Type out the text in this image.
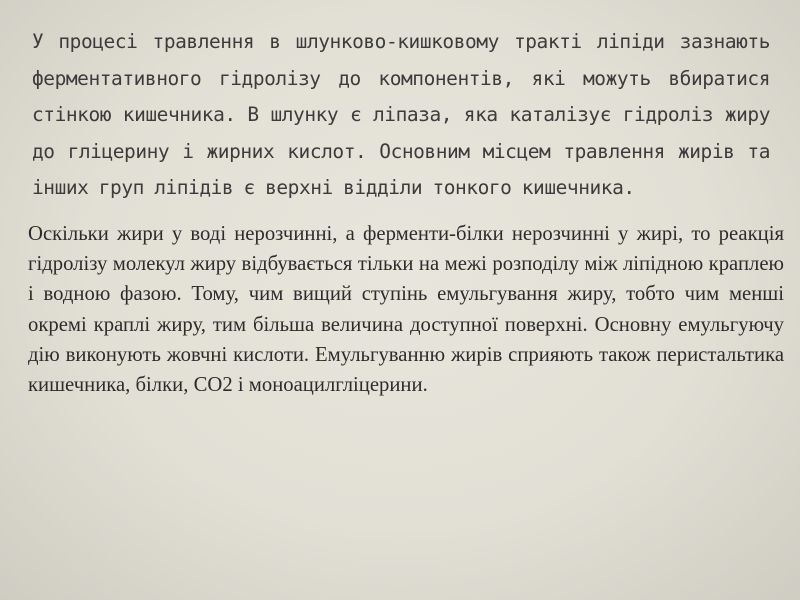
У процесі травлення в шлунково-кишковому тракті ліпіди зазнають ферментативного гідролізу до компонентів, які можуть вбиратися стінкою кишечника. В шлунку є ліпаза, яка каталізує гідроліз жиру до гліцерину і жирних кислот. Основним місцем травлення жирів та інших груп ліпідів є верхні відділи тонкого кишечника.

Оскільки жири у воді нерозчинні, а ферменти-білки нерозчинні у жирі, то реакція гідролізу молекул жиру відбувається тільки на межі розподілу між ліпідною краплею і водною фазою. Тому, чим вищий ступінь емульгування жиру, тобто чим менші окремі краплі жиру, тим більша величина доступної поверхні. Основну емульгуючу дію виконують жовчні кислоти. Емульгуванню жирів сприяють також перистальтика кишечника, білки, СО2 і моноацилгліцерини.
